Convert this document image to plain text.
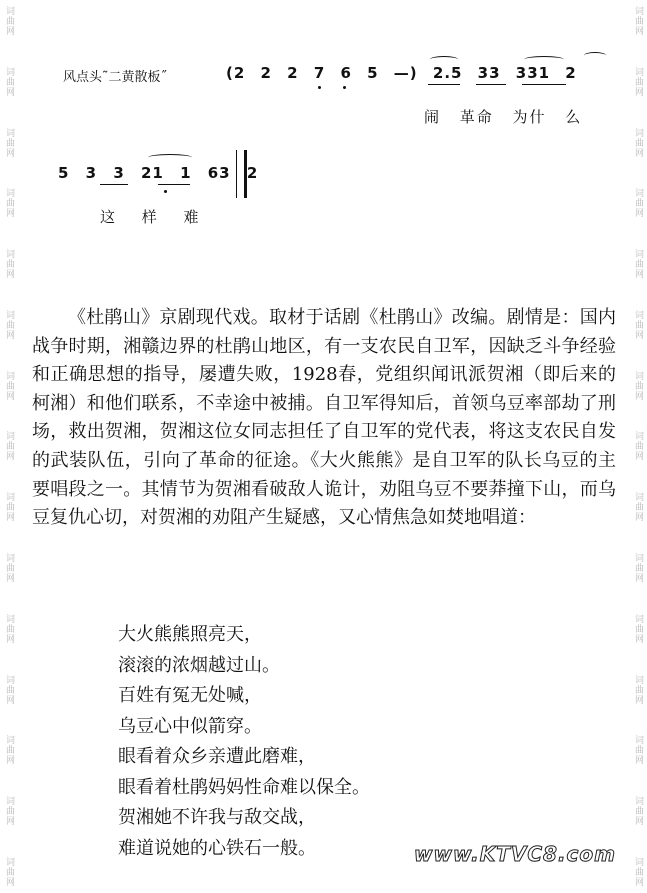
词曲网
词曲网
词曲网
词曲网
词曲网
词曲网
词曲网
词曲网
词曲网
词曲网
词曲网
词曲网
词曲网
词曲网
词曲网
词曲网
词曲网
词曲网
词曲网
词曲网
词曲网
词曲网
词曲网
词曲网
词曲网
词曲网
词曲网
词曲网
词曲网
词曲网
风点头˜二黄散板˝	(2 2 2 7 6 5 —) 2.5 33 331 2
闹 革命 为什 么
5 3 3 21 1 63 2
这 样 难

《杜鹃山》京剧现代戏。取材于话剧《杜鹃山》改编。剧情是：国内战争时期，湘赣边界的杜鹃山地区，有一支农民自卫军，因缺乏斗争经验和正确思想的指导，屡遭失败，1928春，党组织闻讯派贺湘（即后来的柯湘）和他们联系，不幸途中被捕。自卫军得知后，首领乌豆率部劫了刑场，救出贺湘，贺湘这位女同志担任了自卫军的党代表，将这支农民自发的武装队伍，引向了革命的征途。《大火熊熊》是自卫军的队长乌豆的主要唱段之一。其情节为贺湘看破敌人诡计，劝阻乌豆不要莽撞下山，而乌豆复仇心切，对贺湘的劝阻产生疑感，又心情焦急如焚地唱道：

大火熊熊照亮天，
滚滚的浓烟越过山。
百姓有冤无处喊，
乌豆心中似箭穿。
眼看着众乡亲遭此磨难，
眼看着杜鹃妈妈性命难以保全。
贺湘她不许我与敌交战，
难道说她的心铁石一般。	www.KTVC8.com
